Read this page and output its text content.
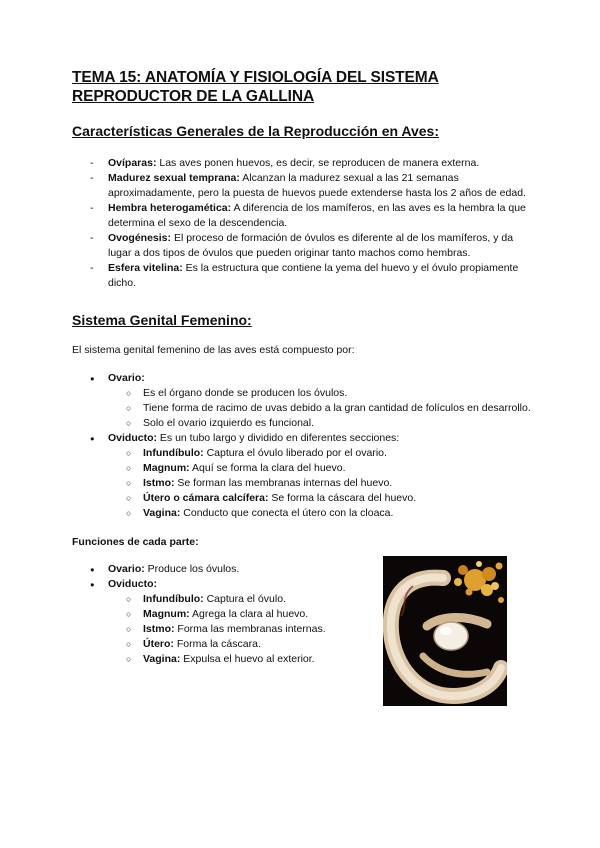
TEMA 15: ANATOMÍA Y FISIOLOGÍA DEL SISTEMA
REPRODUCTOR DE LA GALLINA

Características Generales de la Reproducción en Aves:

- Ovíparas: Las aves ponen huevos, es decir, se reproducen de manera externa.
- Madurez sexual temprana: Alcanzan la madurez sexual a las 21 semanas aproximadamente, pero la puesta de huevos puede extenderse hasta los 2 años de edad.
- Hembra heterogamética: A diferencia de los mamíferos, en las aves es la hembra la que determina el sexo de la descendencia.
- Ovogénesis: El proceso de formación de óvulos es diferente al de los mamíferos, y da lugar a dos tipos de óvulos que pueden originar tanto machos como hembras.
- Esfera vitelina: Es la estructura que contiene la yema del huevo y el óvulo propiamente dicho.

Sistema Genital Femenino:

El sistema genital femenino de las aves está compuesto por:

● Ovario:
○ Es el órgano donde se producen los óvulos.
○ Tiene forma de racimo de uvas debido a la gran cantidad de folículos en desarrollo.
○ Solo el ovario izquierdo es funcional.
● Oviducto: Es un tubo largo y dividido en diferentes secciones:
○ Infundíbulo: Captura el óvulo liberado por el ovario.
○ Magnum: Aquí se forma la clara del huevo.
○ Istmo: Se forman las membranas internas del huevo.
○ Útero o cámara calcífera: Se forma la cáscara del huevo.
○ Vagina: Conducto que conecta el útero con la cloaca.

Funciones de cada parte:

● Ovario: Produce los óvulos.
● Oviducto:
○ Infundíbulo: Captura el óvulo.
○ Magnum: Agrega la clara al huevo.
○ Istmo: Forma las membranas internas.
○ Útero: Forma la cáscara.
○ Vagina: Expulsa el huevo al exterior.
